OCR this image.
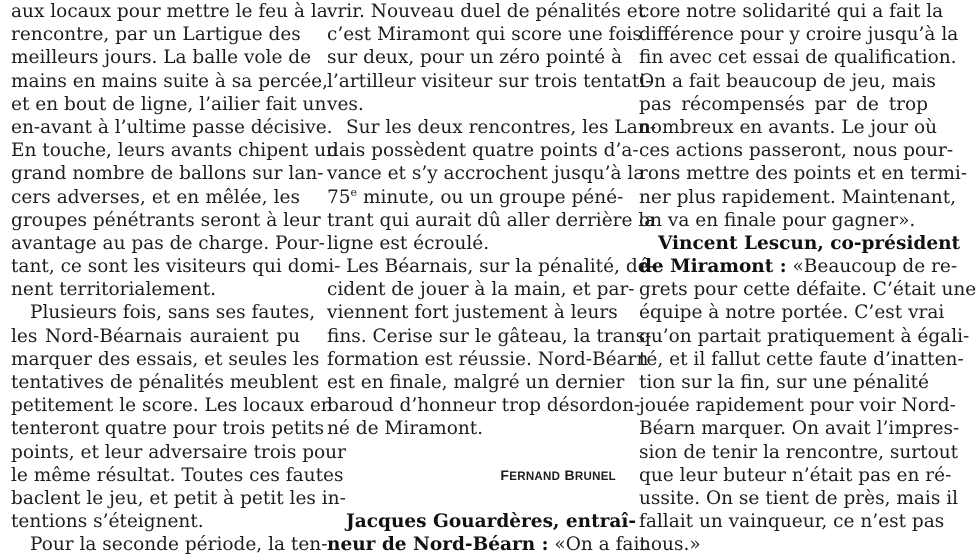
aux locaux pour mettre le feu à la
rencontre, par un Lartigue des
meilleurs jours. La balle vole de
mains en mains suite à sa percée,
et en bout de ligne, l’ailier fait un
en-avant à l’ultime passe décisive.
En touche, leurs avants chipent un
grand nombre de ballons sur lan-
cers adverses, et en mêlée, les
groupes pénétrants seront à leur
avantage au pas de charge. Pour-
tant, ce sont les visiteurs qui domi-
nent territorialement.
Plusieurs fois, sans ses fautes,
les Nord-Béarnais auraient pu
marquer des essais, et seules les
tentatives de pénalités meublent
petitement le score. Les locaux en
tenteront quatre pour trois petits
points, et leur adversaire trois pour
le même résultat. Toutes ces fautes
baclent le jeu, et petit à petit les in-
tentions s’éteignent.
Pour la seconde période, la ten-
vrir. Nouveau duel de pénalités et
c’est Miramont qui score une fois
sur deux, pour un zéro pointé à
l’artilleur visiteur sur trois tentati-
ves.
Sur les deux rencontres, les Lan-
dais possèdent quatre points d’a-
vance et s’y accrochent jusqu’à la
75e minute, ou un groupe péné-
trant qui aurait dû aller derrière la
ligne est écroulé.
Les Béarnais, sur la pénalité, dé-
cident de jouer à la main, et par-
viennent fort justement à leurs
fins. Cerise sur le gâteau, la trans-
formation est réussie. Nord-Béarn
est en finale, malgré un dernier
baroud d’honneur trop désordon-
né de Miramont.
FERNAND BRUNEL
Jacques Gouardères, entraî-
neur de Nord-Béarn : «On a fait
core notre solidarité qui a fait la
différence pour y croire jusqu’à la
fin avec cet essai de qualification.
On a fait beaucoup de jeu, mais
pas récompensés par de trop
nombreux en avants. Le jour où
ces actions passeront, nous pour-
rons mettre des points et en termi-
ner plus rapidement. Maintenant,
on va en finale pour gagner».
Vincent Lescun, co-président
de Miramont : «Beaucoup de re-
grets pour cette défaite. C’était une
équipe à notre portée. C’est vrai
qu’on partait pratiquement à égali-
té, et il fallut cette faute d’inatten-
tion sur la fin, sur une pénalité
jouée rapidement pour voir Nord-
Béarn marquer. On avait l’impres-
sion de tenir la rencontre, surtout
que leur buteur n’était pas en ré-
ussite. On se tient de près, mais il
fallait un vainqueur, ce n’est pas
nous.»
